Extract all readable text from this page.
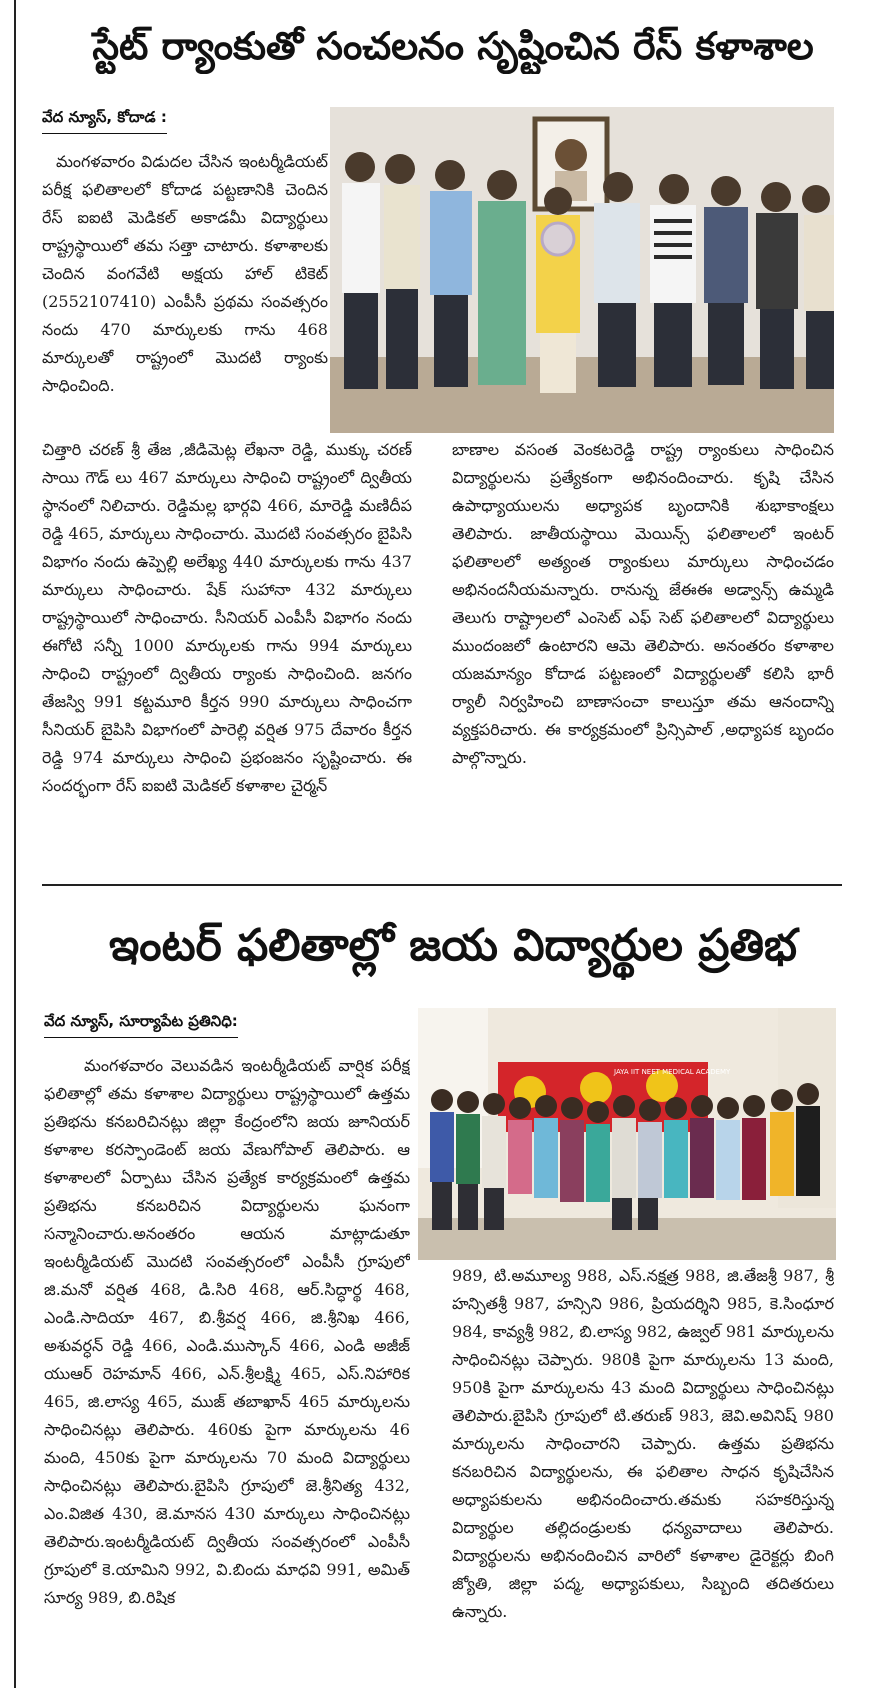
స్టేట్ ర్యాంకుతో సంచలనం సృష్టించిన రేస్ కళాశాల
వేద న్యూస్, కోదాడ :
మంగళవారం విడుదల చేసిన ఇంటర్మీడియట్ పరీక్ష ఫలితాలలో కోదాడ పట్టణానికి చెందిన రేస్ ఐఐటి మెడికల్ అకాడమీ విద్యార్థులు రాష్ట్రస్థాయిలో తమ సత్తా చాటారు. కళాశాలకు చెందిన వంగవేటి అక్షయ హాల్ టికెట్ (2552107410) ఎంపీసీ ప్రథమ సంవత్సరం నందు 470 మార్కులకు గాను 468 మార్కులతో రాష్ట్రంలో మొదటి ర్యాంకు సాధించింది.
చిత్తారి చరణ్ శ్రీ తేజ ,జీడిమెట్ల లేఖనా రెడ్డి, ముక్కు చరణ్ సాయి గౌడ్ లు 467 మార్కులు సాధించి రాష్ట్రంలో ద్వితీయ స్థానంలో నిలిచారు. రెడ్డిమల్ల భార్గవి 466, మారెడ్డి మణిదీప రెడ్డి 465, మార్కులు సాధించారు. మొదటి సంవత్సరం బైపిసి విభాగం నందు ఉప్పెల్లి అలేఖ్య 440 మార్కులకు గాను 437 మార్కులు సాధించారు. షేక్ సుహానా 432 మార్కులు రాష్ట్రస్థాయిలో సాధించారు. సీనియర్ ఎంపీసీ విభాగం నందు ఈగోటి సన్నీ 1000 మార్కులకు గాను 994 మార్కులు సాధించి రాష్ట్రంలో ద్వితీయ ర్యాంకు సాధించింది. జనగం తేజస్వి 991 కట్టమూరి కీర్తన 990 మార్కులు సాధించగా సీనియర్ బైపిసి విభాగంలో పారెల్లి వర్షిత 975 దేవారం కీర్తన రెడ్డి 974 మార్కులు సాధించి ప్రభంజనం సృష్టించారు. ఈ సందర్భంగా రేస్ ఐఐటి మెడికల్ కళాశాల చైర్మన్
బాణాల వసంత వెంకటరెడ్డి రాష్ట్ర ర్యాంకులు సాధించిన విద్యార్థులను ప్రత్యేకంగా అభినందించారు. కృషి చేసిన ఉపాధ్యాయులను అధ్యాపక బృందానికి శుభాకాంక్షలు తెలిపారు. జాతీయస్థాయి మెయిన్స్ ఫలితాలలో ఇంటర్ ఫలితాలలో అత్యంత ర్యాంకులు మార్కులు సాధించడం అభినందనీయమన్నారు. రానున్న జేఈఈ అడ్వాన్స్ ఉమ్మడి తెలుగు రాష్ట్రాలలో ఎంసెట్ ఎఫ్ సెట్ ఫలితాలలో విద్యార్థులు ముందంజలో ఉంటారని ఆమె తెలిపారు. అనంతరం కళాశాల యజమాన్యం కోదాడ పట్టణంలో విద్యార్థులతో కలిసి భారీ ర్యాలీ నిర్వహించి బాణాసంచా కాలుస్తూ తమ ఆనందాన్ని వ్యక్తపరిచారు. ఈ కార్యక్రమంలో ప్రిన్సిపాల్ ,అధ్యాపక బృందం పాల్గొన్నారు.
ఇంటర్ ఫలితాల్లో జయ విద్యార్థుల ప్రతిభ
వేద న్యూస్, సూర్యాపేట ప్రతినిధి:
JAYA IIT NEET MEDICAL ACADEMY
మంగళవారం వెలువడిన ఇంటర్మీడియట్ వార్షిక పరీక్ష ఫలితాల్లో తమ కళాశాల విద్యార్థులు రాష్ట్రస్థాయిలో ఉత్తమ ప్రతిభను కనబరిచినట్లు జిల్లా కేంద్రంలోని జయ జూనియర్ కళాశాల కరస్పాండెంట్ జయ వేణుగోపాల్ తెలిపారు. ఆ కళాశాలలో ఏర్పాటు చేసిన ప్రత్యేక కార్యక్రమంలో ఉత్తమ ప్రతిభను కనబరిచిన విద్యార్థులను ఘనంగా సన్మానించారు.అనంతరం ఆయన మాట్లాడుతూ ఇంటర్మీడియట్ మొదటి సంవత్సరంలో ఎంపీసీ గ్రూపులో జి.మనో వర్షిత 468, డి.సిరి 468, ఆర్.సిద్ధార్థ 468, ఎండి.సాదియా 467, బి.శ్రీవర్ష 466, జి.శ్రీనిఖ 466, అశువర్ధన్ రెడ్డి 466, ఎండి.ముస్కాన్ 466, ఎండి అజీజ్ యుఆర్ రెహమాన్ 466, ఎన్.శ్రీలక్ష్మి 465, ఎస్.నిహారిక 465, జి.లాస్య 465, ముజ్ తబాఖాన్ 465 మార్కులను సాధించినట్లు తెలిపారు. 460కు పైగా మార్కులను 46 మంది, 450కు పైగా మార్కులను 70 మంది విద్యార్థులు సాధించినట్లు తెలిపారు.బైపిసి గ్రూపులో జె.శ్రీనిత్య 432, ఎం.విజిత 430, జె.మానస 430 మార్కులు సాధించినట్లు తెలిపారు.ఇంటర్మీడియట్ ద్వితీయ సంవత్సరంలో ఎంపీసీ గ్రూపులో కె.యామిని 992, వి.బిందు మాధవి 991, అమిత్ సూర్య 989, బి.రిషిక
989, టి.అమూల్య 988, ఎస్.నక్షత్ర 988, జి.తేజశ్రీ 987, శ్రీ హన్సితశ్రీ 987, హన్సిని 986, ప్రియదర్శిని 985, కె.సింధూర 984, కావ్యశ్రీ 982, బి.లాస్య 982, ఉజ్వల్ 981 మార్కులను సాధించినట్లు చెప్పారు. 980కి పైగా మార్కులను 13 మంది, 950కి పైగా మార్కులను 43 మంది విద్యార్థులు సాధించినట్లు తెలిపారు.బైపిసి గ్రూపులో టి.తరుణ్ 983, జెవి.అవినిష్ 980 మార్కులను సాధించారని చెప్పారు. ఉత్తమ ప్రతిభను కనబరిచిన విద్యార్థులను, ఈ ఫలితాల సాధన కృషిచేసిన అధ్యాపకులను అభినందించారు.తమకు సహకరిస్తున్న విద్యార్థుల తల్లిదండ్రులకు ధన్యవాదాలు తెలిపారు. విద్యార్థులను అభినందించిన వారిలో కళాశాల డైరెక్టర్లు బింగి జ్యోతి, జిల్లా పద్మ, అధ్యాపకులు, సిబ్బంది తదితరులు ఉన్నారు.
